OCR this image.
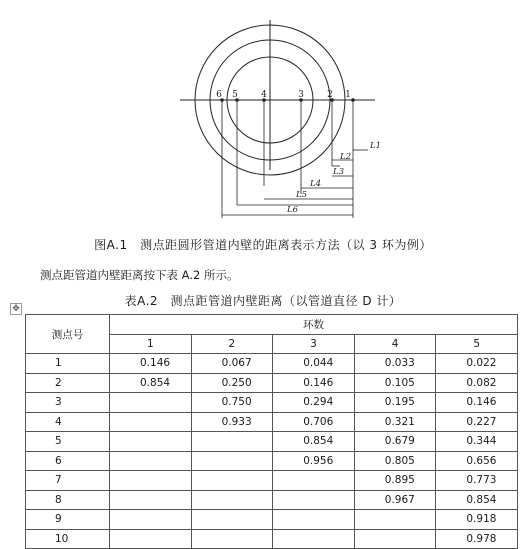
6 5	4	3	2 1
L1
L2
L3
L4
L5
L6
图A.1　测点距圆形管道内壁的距离表示方法（以 3 环为例）
测点距管道内壁距离按下表 A.2 所示。
表A.2　测点距管道内壁距离（以管道直径 D 计）
✥
测点号	环数				
	1	2	3	4	5
1	0.146	0.067	0.044	0.033	0.022
2	0.854	0.250	0.146	0.105	0.082
3		0.750	0.294	0.195	0.146
4		0.933	0.706	0.321	0.227
5			0.854	0.679	0.344
6			0.956	0.805	0.656
7				0.895	0.773
8				0.967	0.854
9					0.918
10					0.978
